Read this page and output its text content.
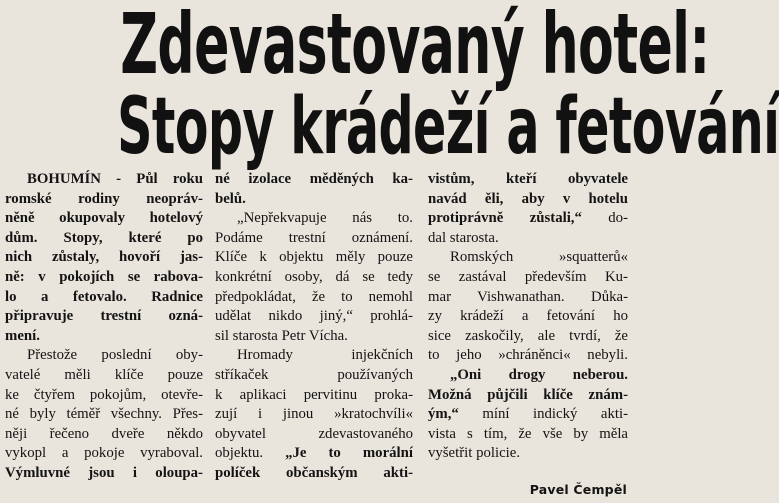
Zdevastovaný hotel:
Stopy krádeží a fetování
BOHUMÍN - Půl roku
romské rodiny neopráv-
něně okupovaly hotelový
dům. Stopy, které po
nich zůstaly, hovoří jas-
ně: v pokojích se rabova-
lo a fetovalo. Radnice
připravuje trestní ozná-
mení.
Přestože poslední oby-
vatelé měli klíče pouze
ke čtyřem pokojům, otevře-
né byly téměř všechny. Přes-
něji řečeno dveře někdo
vykopl a pokoje vyraboval.
Výmluvné jsou i oloupa-
né izolace měděných ka-
belů.
„Nepřekvapuje nás to.
Podáme trestní oznámení.
Klíče k objektu měly pouze
konkrétní osoby, dá se tedy
předpokládat, že to nemohl
udělat nikdo jiný,“ prohlá-
sil starosta Petr Vícha.
Hromady injekčních
stříkaček používaných
k aplikaci pervitinu proka-
zují i jinou »kratochvíli«
obyvatel zdevastovaného
objektu. „Je to morální
políček občanským akti-
vistům, kteří obyvatele
navád ěli, aby v hotelu
protiprávně zůstali,“ do-
dal starosta.
Romských »squatterů«
se zastával především Ku-
mar Vishwanathan. Důka-
zy krádeží a fetování ho
sice zaskočily, ale tvrdí, že
to jeho »chráněnci« nebyli.
„Oni drogy neberou.
Možná půjčili klíče znám-
ým,“ míní indický akti-
vista s tím, že vše by měla
vyšetřit policie.
Pavel Čempěl
